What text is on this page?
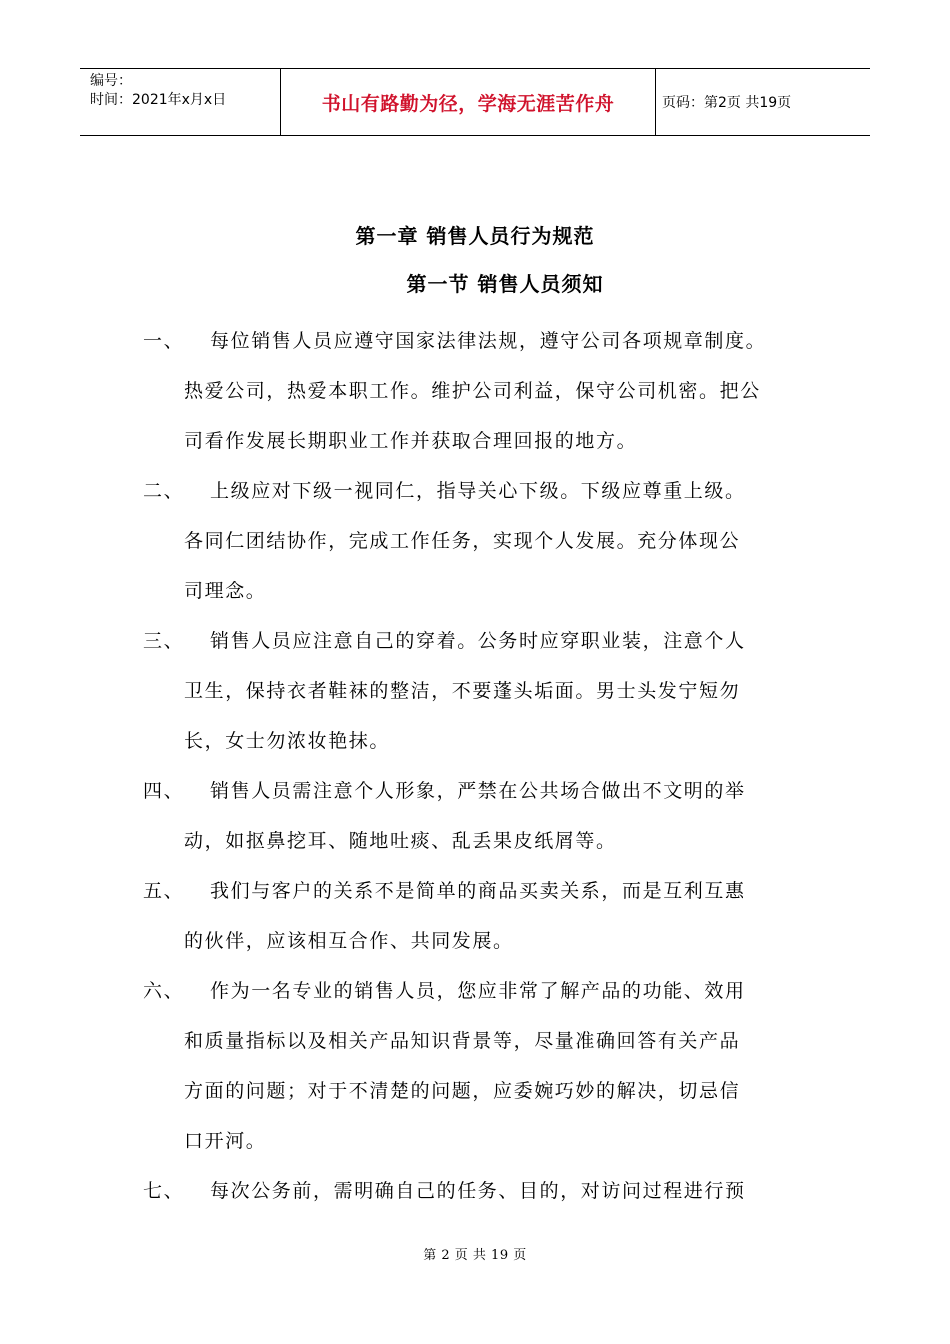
编号：
时间：2021年x月x日	书山有路勤为径，学海无涯苦作舟	页码：第2页 共19页
第一章 销售人员行为规范
第一节 销售人员须知
一、	每位销售人员应遵守国家法律法规，遵守公司各项规章制度。
热爱公司，热爱本职工作。维护公司利益，保守公司机密。把公
司看作发展长期职业工作并获取合理回报的地方。
二、	上级应对下级一视同仁，指导关心下级。下级应尊重上级。
各同仁团结协作，完成工作任务，实现个人发展。充分体现公
司理念。
三、	销售人员应注意自己的穿着。公务时应穿职业装，注意个人
卫生，保持衣者鞋袜的整洁，不要蓬头垢面。男士头发宁短勿
长，女士勿浓妆艳抹。
四、	销售人员需注意个人形象，严禁在公共场合做出不文明的举
动，如抠鼻挖耳、随地吐痰、乱丢果皮纸屑等。
五、	我们与客户的关系不是简单的商品买卖关系，而是互利互惠
的伙伴，应该相互合作、共同发展。
六、	作为一名专业的销售人员，您应非常了解产品的功能、效用
和质量指标以及相关产品知识背景等，尽量准确回答有关产品
方面的问题；对于不清楚的问题，应委婉巧妙的解决，切忌信
口开河。
七、	每次公务前，需明确自己的任务、目的，对访问过程进行预
第 2 页 共 19 页
